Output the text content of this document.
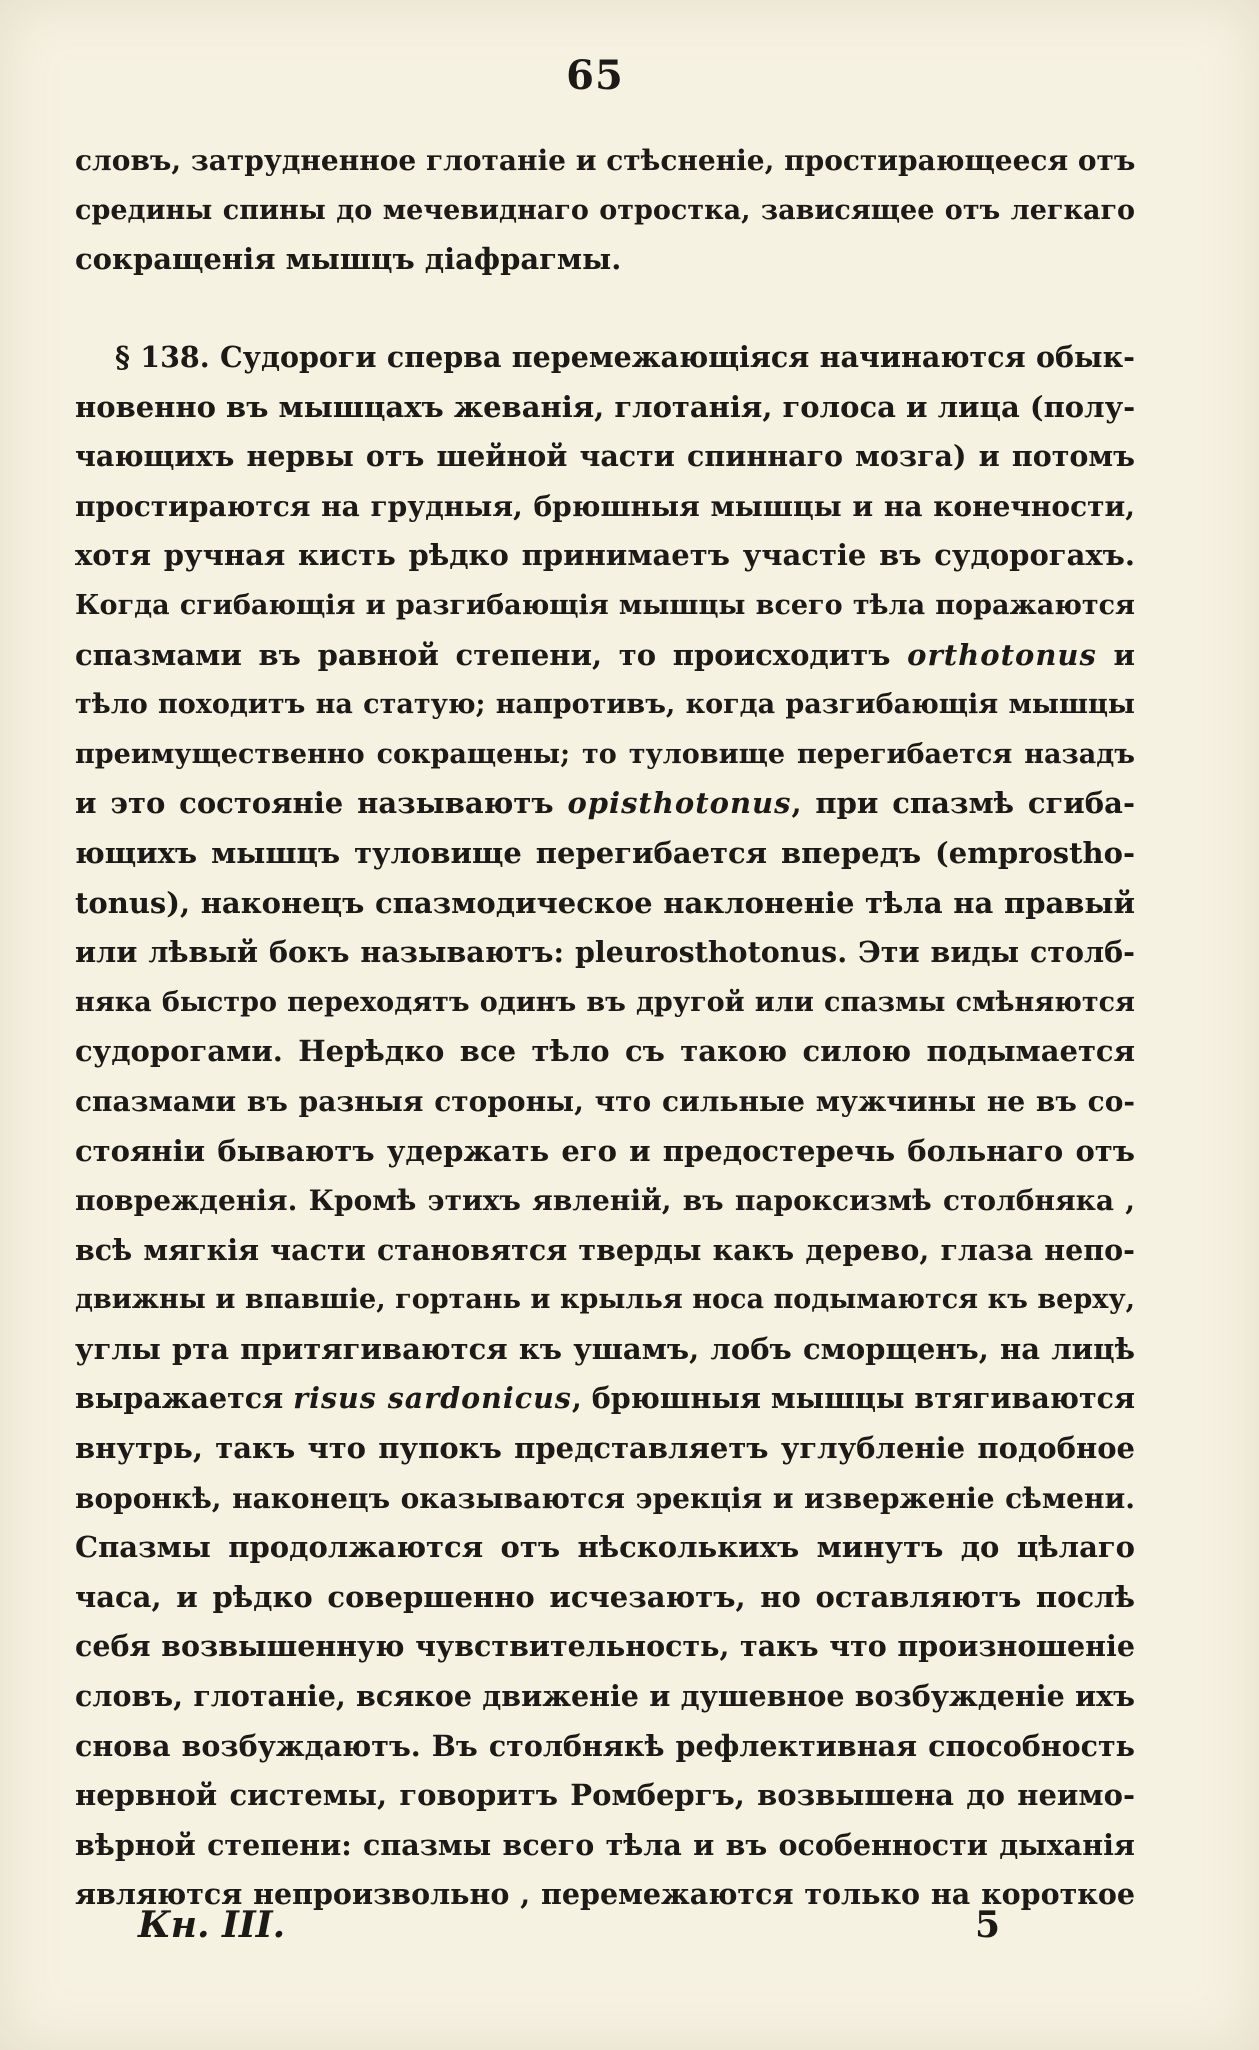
65
словъ, затрудненное глотанiе и стѣсненiе, простирающееся отъ
средины спины до мечевиднаго отростка, зависящее отъ легкаго
сокращенiя мышцъ дiафрагмы.
§ 138. Судороги сперва перемежающiяся начинаются обык-
новенно въ мышцахъ жеванiя, глотанiя, голоса и лица (полу-
чающихъ нервы отъ шейной части спиннаго мозга) и потомъ
простираются на грудныя, брюшныя мышцы и на конечности,
хотя ручная кисть рѣдко принимаетъ участiе въ судорогахъ.
Когда сгибающiя и разгибающiя мышцы всего тѣла поражаются
спазмами въ равной степени, то происходитъ orthotonus и
тѣло походитъ на статую; напротивъ, когда разгибающiя мышцы
преимущественно сокращены; то туловище перегибается назадъ
и это состоянiе называютъ opisthotonus, при спазмѣ сгиба-
ющихъ мышцъ туловище перегибается впередъ (emprostho-
tonus), наконецъ спазмодическое наклоненiе тѣла на правый
или лѣвый бокъ называютъ: pleurosthotonus. Эти виды столб-
няка быстро переходятъ одинъ въ другой или спазмы смѣняются
судорогами. Нерѣдко все тѣло съ такою силою подымается
спазмами въ разныя стороны, что сильные мужчины не въ со-
стоянiи бываютъ удержать его и предостеречь больнаго отъ
поврежденiя. Кромѣ этихъ явленiй, въ пароксизмѣ столбняка ,
всѣ мягкiя части становятся тверды какъ дерево, глаза непо-
движны и впавшiе, гортань и крылья носа подымаются къ верху,
углы рта притягиваются къ ушамъ, лобъ сморщенъ, на лицѣ
выражается risus sardonicus, брюшныя мышцы втягиваются
внутрь, такъ что пупокъ представляетъ углубленiе подобное
воронкѣ, наконецъ оказываются эрекцiя и изверженiе сѣмени.
Спазмы продолжаются отъ нѣсколькихъ минутъ до цѣлаго
часа, и рѣдко совершенно исчезаютъ, но оставляютъ послѣ
себя возвышенную чувствительность, такъ что произношенiе
словъ, глотанiе, всякое движенiе и душевное возбужденiе ихъ
снова возбуждаютъ. Въ столбнякѣ рефлективная способность
нервной системы, говоритъ Ромбергъ, возвышена до неимо-
вѣрной степени: спазмы всего тѣла и въ особенности дыханiя
являются непроизвольно , перемежаются только на короткое
Кн. III.	5
